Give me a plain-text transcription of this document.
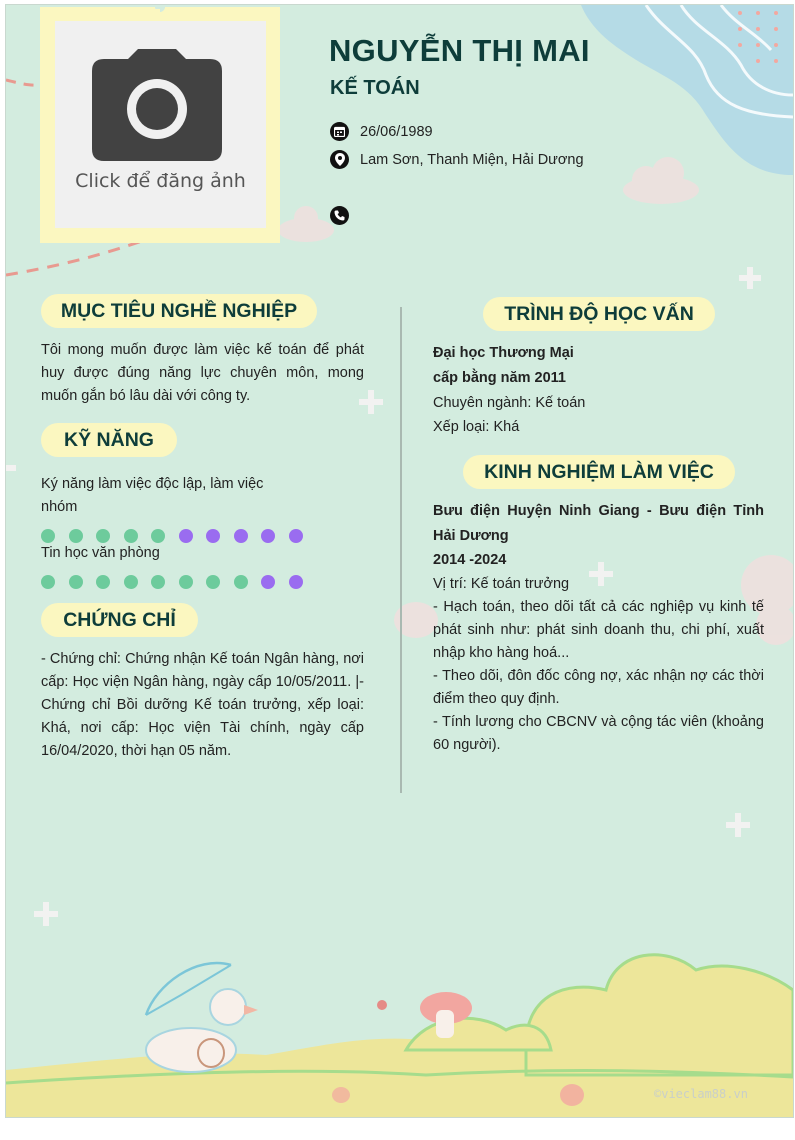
Click để đăng ảnh
NGUYỄN THỊ MAI
KẾ TOÁN
26/06/1989
Lam Sơn, Thanh Miện, Hải Dương
MỤC TIÊU NGHỀ NGHIỆP
Tôi mong muốn được làm việc kế toán để phát huy được đúng năng lực chuyên môn, mong muốn gắn bó lâu dài với công ty.
KỸ NĂNG
Ký năng làm việc độc lập, làm việc nhóm
Tin học văn phòng
CHỨNG CHỈ
- Chứng chỉ: Chứng nhận Kế toán Ngân hàng, nơi cấp: Học viện Ngân hàng, ngày cấp 10/05/2011. |- Chứng chỉ Bồi dưỡng Kế toán trưởng, xếp loại: Khá, nơi cấp: Học viện Tài chính, ngày cấp 16/04/2020, thời hạn 05 năm.
TRÌNH ĐỘ HỌC VẤN
Đại học Thương Mại
cấp bằng năm 2011
Chuyên ngành: Kế toán
Xếp loại: Khá
KINH NGHIỆM LÀM VIỆC
Bưu điện Huyện Ninh Giang - Bưu điện Tỉnh Hải Dương
2014 -2024
Vị trí: Kế toán trưởng
- Hạch toán, theo dõi tất cả các nghiệp vụ kinh tế phát sinh như: phát sinh doanh thu, chi phí, xuất nhập kho hàng hoá...
- Theo dõi, đôn đốc công nợ, xác nhận nợ các thời điểm theo quy định.
- Tính lương cho CBCNV và cộng tác viên (khoảng 60 người).
©vieclam88.vn
